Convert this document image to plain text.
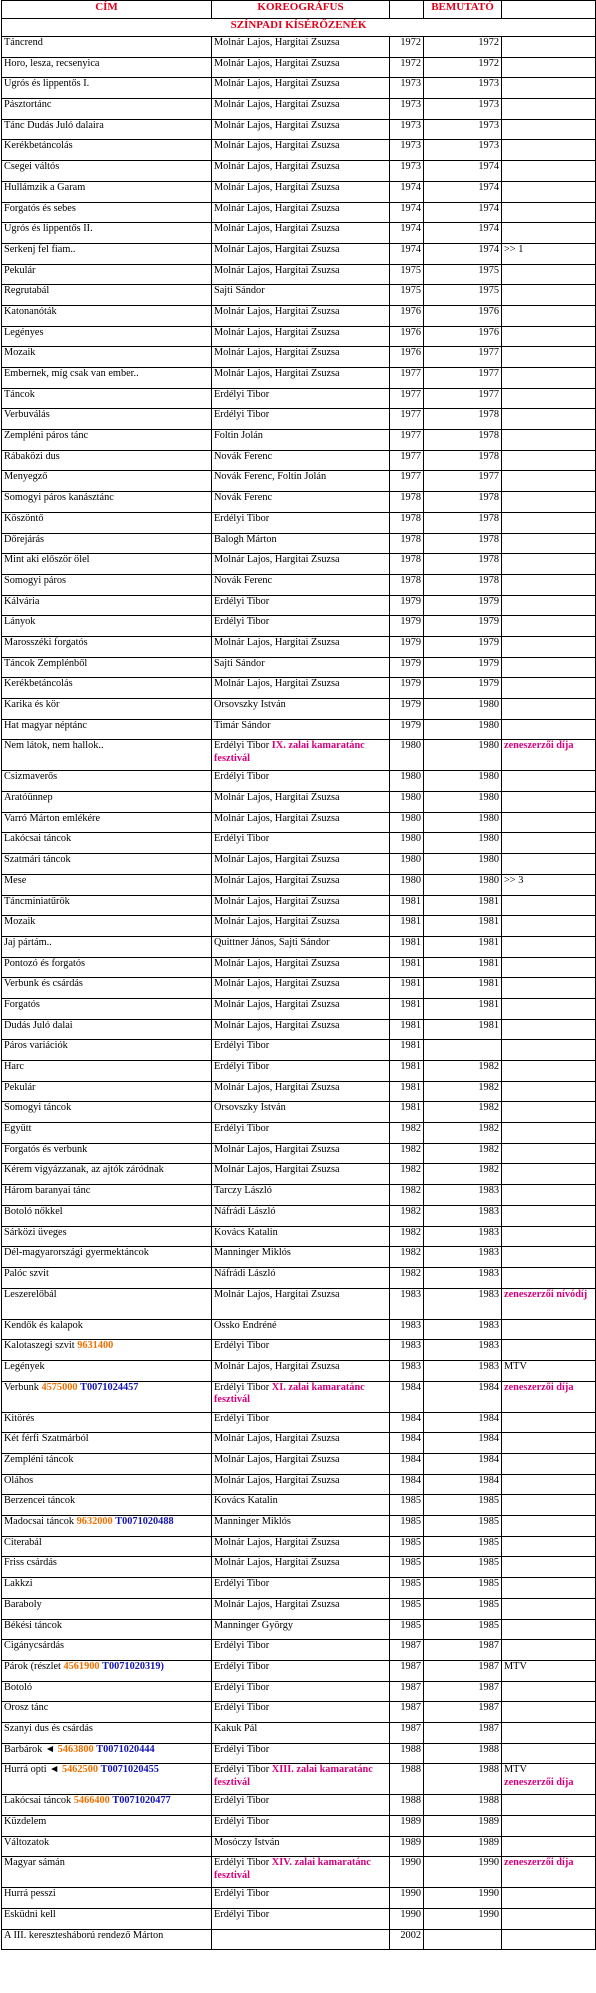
CÍM	KOREOGRÁFUS		BEMUTATÓ	
SZÍNPADI KÍSÉRŐZENÉK				
Táncrend	Molnár Lajos, Hargitai Zsuzsa	1972	1972	
Horo, lesza, recsenyica	Molnár Lajos, Hargitai Zsuzsa	1972	1972	
Ugrós és lippentős I.	Molnár Lajos, Hargitai Zsuzsa	1973	1973	
Pásztortánc	Molnár Lajos, Hargitai Zsuzsa	1973	1973	
Tánc Dudás Juló dalaira	Molnár Lajos, Hargitai Zsuzsa	1973	1973	
Kerékbetáncolás	Molnár Lajos, Hargitai Zsuzsa	1973	1973	
Csegei váltós	Molnár Lajos, Hargitai Zsuzsa	1973	1974	
Hullámzik a Garam	Molnár Lajos, Hargitai Zsuzsa	1974	1974	
Forgatós és sebes	Molnár Lajos, Hargitai Zsuzsa	1974	1974	
Ugrós és lippentős II.	Molnár Lajos, Hargitai Zsuzsa	1974	1974	
Serkenj fel fiam..	Molnár Lajos, Hargitai Zsuzsa	1974	1974	>> 1
Pekulár	Molnár Lajos, Hargitai Zsuzsa	1975	1975	
Regrutabál	Sajti Sándor	1975	1975	
Katonanóták	Molnár Lajos, Hargitai Zsuzsa	1976	1976	
Legényes	Molnár Lajos, Hargitai Zsuzsa	1976	1976	
Mozaik	Molnár Lajos, Hargitai Zsuzsa	1976	1977	
Embernek, míg csak van ember..	Molnár Lajos, Hargitai Zsuzsa	1977	1977	
Táncok	Erdélyi Tibor	1977	1977	
Verbuválás	Erdélyi Tibor	1977	1978	
Zempléni páros tánc	Foltin Jolán	1977	1978	
Rábaközi dus	Novák Ferenc	1977	1978	
Menyegző	Novák Ferenc, Foltin Jolán	1977	1977	
Somogyi páros kanásztánc	Novák Ferenc	1978	1978	
Köszöntő	Erdélyi Tibor	1978	1978	
Dőrejárás	Balogh Márton	1978	1978	
Mint aki először ölel	Molnár Lajos, Hargitai Zsuzsa	1978	1978	
Somogyi páros	Novák Ferenc	1978	1978	
Kálvária	Erdélyi Tibor	1979	1979	
Lányok	Erdélyi Tibor	1979	1979	
Marosszéki forgatós	Molnár Lajos, Hargitai Zsuzsa	1979	1979	
Táncok Zemplénből	Sajti Sándor	1979	1979	
Kerékbetáncolás	Molnár Lajos, Hargitai Zsuzsa	1979	1979	
Karika és kör	Orsovszky István	1979	1980	
Hat magyar néptánc	Timár Sándor	1979	1980	
Nem látok, nem hallok..	Erdélyi Tibor IX. zalai kamaratánc fesztivál	1980	1980	zeneszerzői díja
Csizmaverős	Erdélyi Tibor	1980	1980	
Aratóünnep	Molnár Lajos, Hargitai Zsuzsa	1980	1980	
Varró Márton emlékére	Molnár Lajos, Hargitai Zsuzsa	1980	1980	
Lakócsai táncok	Erdélyi Tibor	1980	1980	
Szatmári táncok	Molnár Lajos, Hargitai Zsuzsa	1980	1980	
Mese	Molnár Lajos, Hargitai Zsuzsa	1980	1980	>> 3
Táncminiatűrök	Molnár Lajos, Hargitai Zsuzsa	1981	1981	
Mozaik	Molnár Lajos, Hargitai Zsuzsa	1981	1981	
Jaj pártám..	Quittner János, Sajti Sándor	1981	1981	
Pontozó és forgatós	Molnár Lajos, Hargitai Zsuzsa	1981	1981	
Verbunk és csárdás	Molnár Lajos, Hargitai Zsuzsa	1981	1981	
Forgatós	Molnár Lajos, Hargitai Zsuzsa	1981	1981	
Dudás Juló dalai	Molnár Lajos, Hargitai Zsuzsa	1981	1981	
Páros variációk	Erdélyi Tibor	1981		
Harc	Erdélyi Tibor	1981	1982	
Pekulár	Molnár Lajos, Hargitai Zsuzsa	1981	1982	
Somogyi táncok	Orsovszky István	1981	1982	
Együtt	Erdélyi Tibor	1982	1982	
Forgatós és verbunk	Molnár Lajos, Hargitai Zsuzsa	1982	1982	
Kérem vigyázzanak, az ajtók záródnak	Molnár Lajos, Hargitai Zsuzsa	1982	1982	
Három baranyai tánc	Tarczy László	1982	1983	
Botoló nőkkel	Náfrádi László	1982	1983	
Sárközi üveges	Kovács Katalin	1982	1983	
Dél-magyarországi gyermektáncok	Manninger Miklós	1982	1983	
Palóc szvit	Náfrádi László	1982	1983	
Leszerelőbál	Molnár Lajos, Hargitai Zsuzsa	1983	1983	zeneszerzői nívódíj
Kendők és kalapok	Ossko Endréné	1983	1983	
Kalotaszegi szvit 9631400	Erdélyi Tibor	1983	1983	
Legények	Molnár Lajos, Hargitai Zsuzsa	1983	1983	MTV
Verbunk 4575000 T0071024457	Erdélyi Tibor XI. zalai kamaratánc fesztivál	1984	1984	zeneszerzői díja
Kitörés	Erdélyi Tibor	1984	1984	
Két férfi Szatmárból	Molnár Lajos, Hargitai Zsuzsa	1984	1984	
Zempléni táncok	Molnár Lajos, Hargitai Zsuzsa	1984	1984	
Oláhos	Molnár Lajos, Hargitai Zsuzsa	1984	1984	
Berzencei táncok	Kovács Katalin	1985	1985	
Madocsai táncok 9632000 T0071020488	Manninger Miklós	1985	1985	
Citerabál	Molnár Lajos, Hargitai Zsuzsa	1985	1985	
Friss csárdás	Molnár Lajos, Hargitai Zsuzsa	1985	1985	
Lakkzi	Erdélyi Tibor	1985	1985	
Baraboly	Molnár Lajos, Hargitai Zsuzsa	1985	1985	
Békési táncok	Manninger György	1985	1985	
Cigánycsárdás	Erdélyi Tibor	1987	1987	
Párok (részlet 4561900 T0071020319)	Erdélyi Tibor	1987	1987	MTV
Botoló	Erdélyi Tibor	1987	1987	
Orosz tánc	Erdélyi Tibor	1987	1987	
Szanyi dus és csárdás	Kakuk Pál	1987	1987	
Barbárok ◄ 5463800 T0071020444	Erdélyi Tibor	1988	1988	
Hurrá opti ◄ 5462500 T0071020455	Erdélyi Tibor XIII. zalai kamaratánc fesztivál	1988	1988	MTV
zeneszerzői díja
Lakócsai táncok 5466400 T0071020477	Erdélyi Tibor	1988	1988	
Küzdelem	Erdélyi Tibor	1989	1989	
Változatok	Mosóczy István	1989	1989	
Magyar sámán	Erdélyi Tibor XIV. zalai kamaratánc fesztivál	1990	1990	zeneszerzői díja
Hurrá pesszi	Erdélyi Tibor	1990	1990	
Esküdni kell	Erdélyi Tibor	1990	1990	
A III. keresztesháború rendező Márton		2002		
